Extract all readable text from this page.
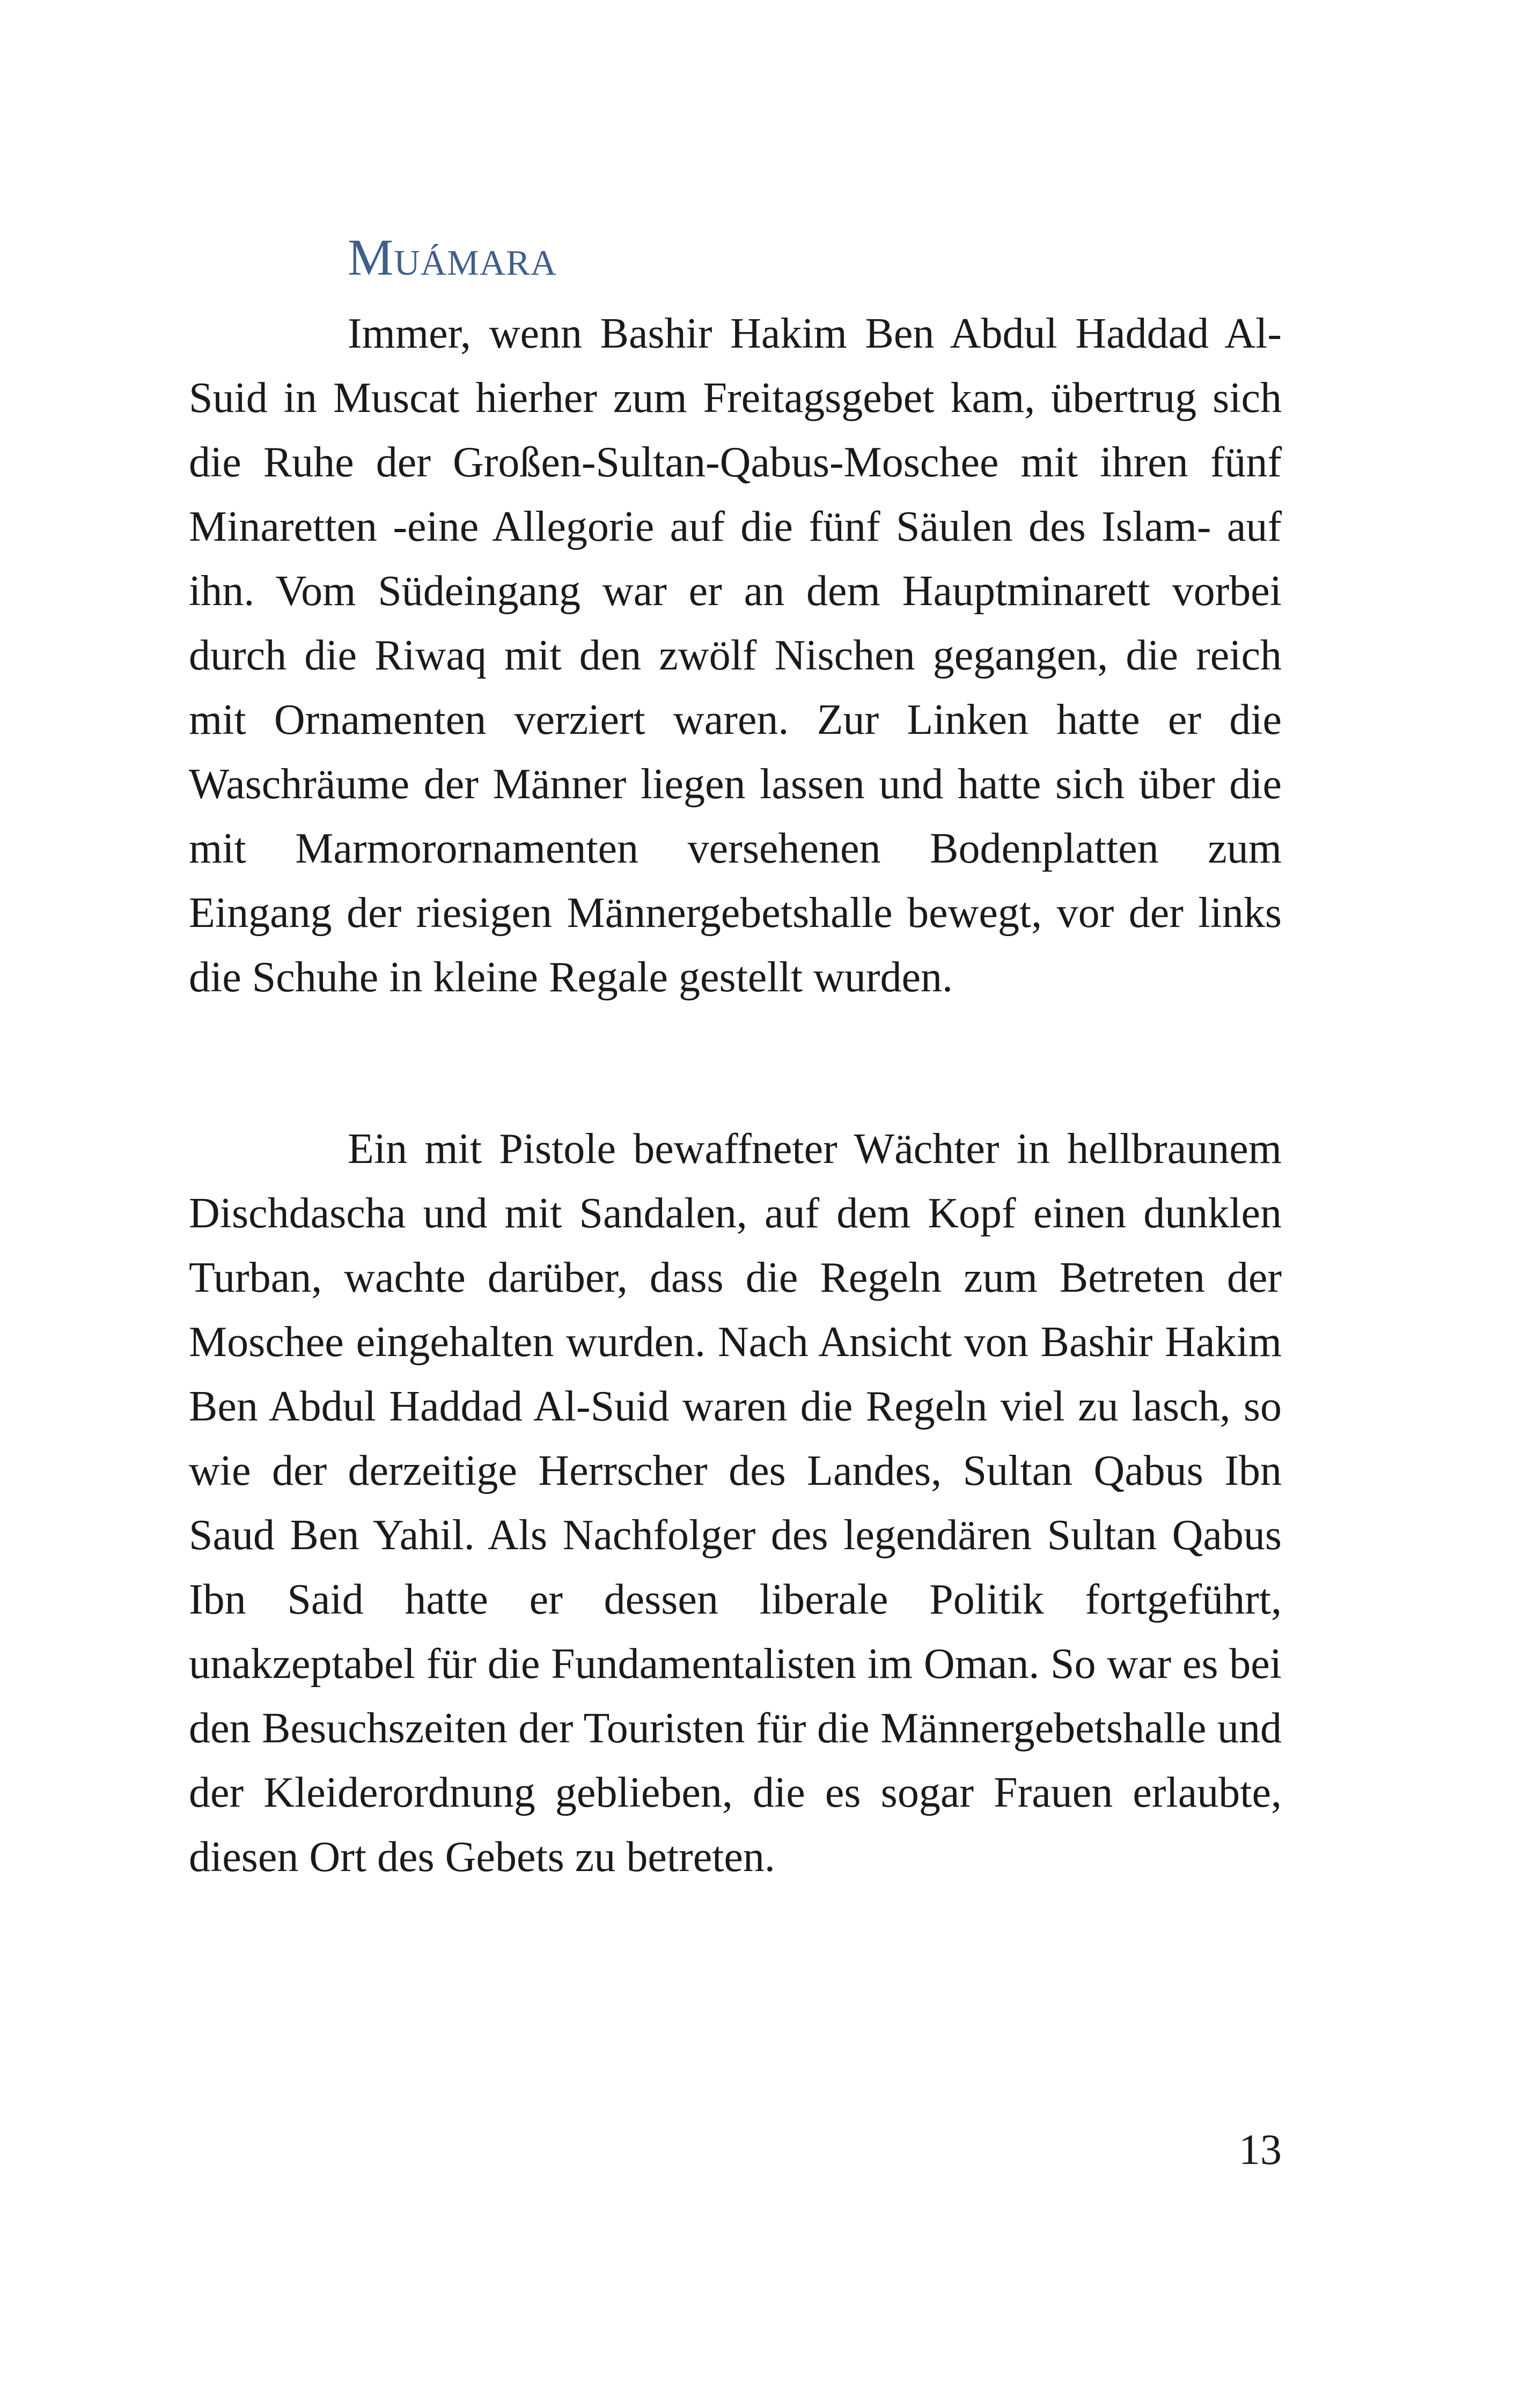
Muámara

Immer, wenn Bashir Hakim Ben Abdul Haddad Al-Suid in Muscat hierher zum Freitagsgebet kam, übertrug sich die Ruhe der Großen-Sultan-Qabus-Moschee mit ihren fünf Minaretten -eine Allegorie auf die fünf Säulen des Islam- auf ihn. Vom Südeingang war er an dem Hauptminarett vorbei durch die Riwaq mit den zwölf Nischen gegangen, die reich mit Ornamenten verziert waren. Zur Linken hatte er die Waschräume der Männer liegen lassen und hatte sich über die mit Marmorornamenten versehenen Bodenplatten zum Eingang der riesigen Männergebetshalle bewegt, vor der links die Schuhe in kleine Regale gestellt wurden.

Ein mit Pistole bewaffneter Wächter in hellbraunem Dischdascha und mit Sandalen, auf dem Kopf einen dunklen Turban, wachte darüber, dass die Regeln zum Betreten der Moschee eingehalten wurden. Nach Ansicht von Bashir Hakim Ben Abdul Haddad Al-Suid waren die Regeln viel zu lasch, so wie der derzeitige Herrscher des Landes, Sultan Qabus Ibn Saud Ben Yahil. Als Nachfolger des legendären Sultan Qabus Ibn Said hatte er dessen liberale Politik fortgeführt, unakzeptabel für die Fundamentalisten im Oman. So war es bei den Besuchszeiten der Touristen für die Männergebetshalle und der Kleiderordnung geblieben, die es sogar Frauen erlaubte, diesen Ort des Gebets zu betreten.

13
